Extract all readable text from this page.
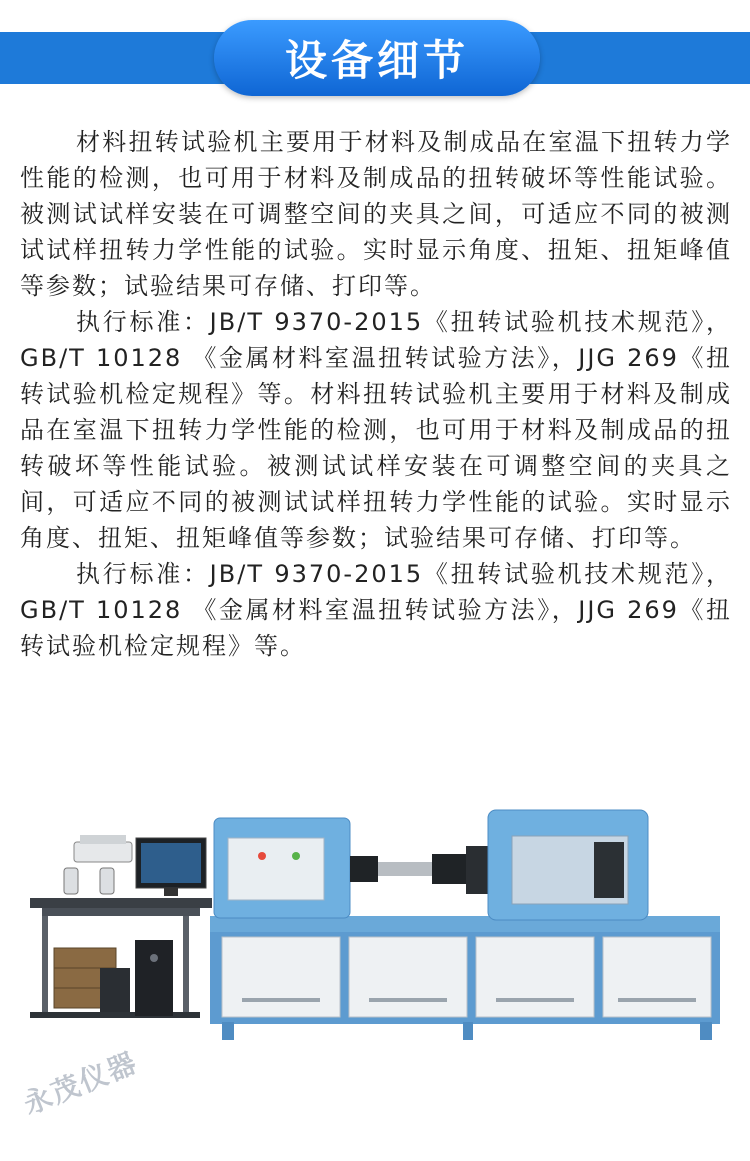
设备细节

材料扭转试验机主要用于材料及制成品在室温下扭转力学性能的检测，也可用于材料及制成品的扭转破坏等性能试验。被测试试样安装在可调整空间的夹具之间，可适应不同的被测试试样扭转力学性能的试验。实时显示角度、扭矩、扭矩峰值等参数；试验结果可存储、打印等。

执行标准：JB/T 9370-2015《扭转试验机技术规范》，GB/T 10128 《金属材料室温扭转试验方法》，JJG 269《扭转试验机检定规程》等。材料扭转试验机主要用于材料及制成品在室温下扭转力学性能的检测，也可用于材料及制成品的扭转破坏等性能试验。被测试试样安装在可调整空间的夹具之间，可适应不同的被测试试样扭转力学性能的试验。实时显示角度、扭矩、扭矩峰值等参数；试验结果可存储、打印等。

执行标准：JB/T 9370-2015《扭转试验机技术规范》，GB/T 10128 《金属材料室温扭转试验方法》，JJG 269《扭转试验机检定规程》等。

永茂仪器
